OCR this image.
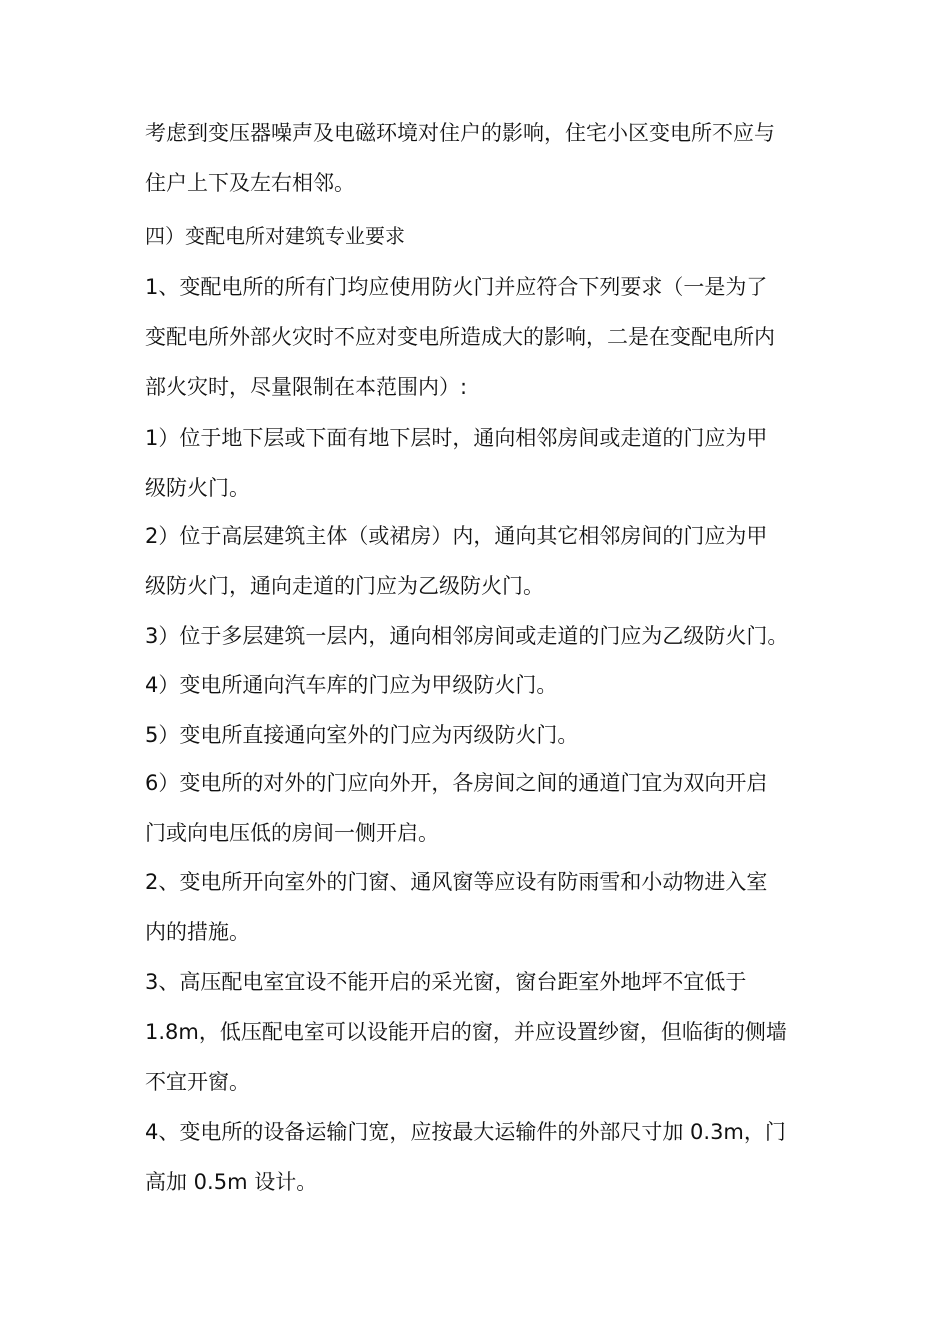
考虑到变压器噪声及电磁环境对住户的影响，住宅小区变电所不应与
住户上下及左右相邻。
四）变配电所对建筑专业要求
1、变配电所的所有门均应使用防火门并应符合下列要求（一是为了
变配电所外部火灾时不应对变电所造成大的影响，二是在变配电所内
部火灾时，尽量限制在本范围内）:
1）位于地下层或下面有地下层时，通向相邻房间或走道的门应为甲
级防火门。
2）位于高层建筑主体（或裙房）内，通向其它相邻房间的门应为甲
级防火门，通向走道的门应为乙级防火门。
3）位于多层建筑一层内，通向相邻房间或走道的门应为乙级防火门。
4）变电所通向汽车库的门应为甲级防火门。
5）变电所直接通向室外的门应为丙级防火门。
6）变电所的对外的门应向外开，各房间之间的通道门宜为双向开启
门或向电压低的房间一侧开启。
2、变电所开向室外的门窗、通风窗等应设有防雨雪和小动物进入室
内的措施。
3、高压配电室宜设不能开启的采光窗，窗台距室外地坪不宜低于
1.8m，低压配电室可以设能开启的窗，并应设置纱窗，但临街的侧墙
不宜开窗。
4、变电所的设备运输门宽，应按最大运输件的外部尺寸加 0.3m，门
高加 0.5m 设计。
